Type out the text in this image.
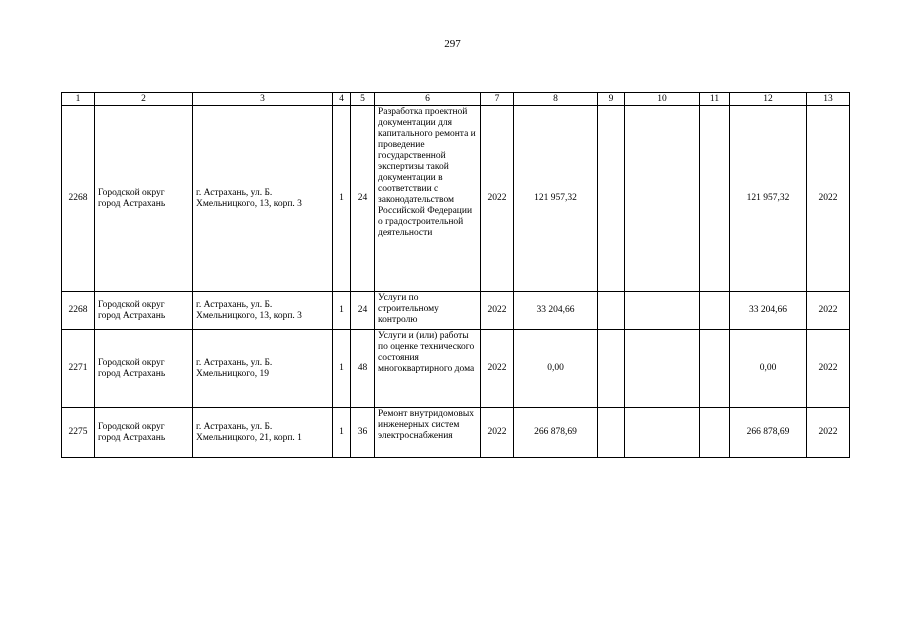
297
1	2	3	4	5	6	7	8	9	10	11	12	13
2268	Городской округ город Астрахань	г. Астрахань, ул. Б. Хмельницкого, 13, корп. 3	1	24	Разработка проектной документации для капитального ремонта и проведение государственной экспертизы такой документации в соответствии с законодательством Российской Федерации о градостроительной деятельности	2022	121 957,32				121 957,32	2022
2268	Городской округ город Астрахань	г. Астрахань, ул. Б. Хмельницкого, 13, корп. 3	1	24	Услуги по строительному контролю	2022	33 204,66				33 204,66	2022
2271	Городской округ город Астрахань	г. Астрахань, ул. Б. Хмельницкого, 19	1	48	Услуги и (или) работы по оценке технического состояния многоквартирного дома	2022	0,00				0,00	2022
2275	Городской округ город Астрахань	г. Астрахань, ул. Б. Хмельницкого, 21, корп. 1	1	36	Ремонт внутридомовых инженерных систем электроснабжения	2022	266 878,69				266 878,69	2022
